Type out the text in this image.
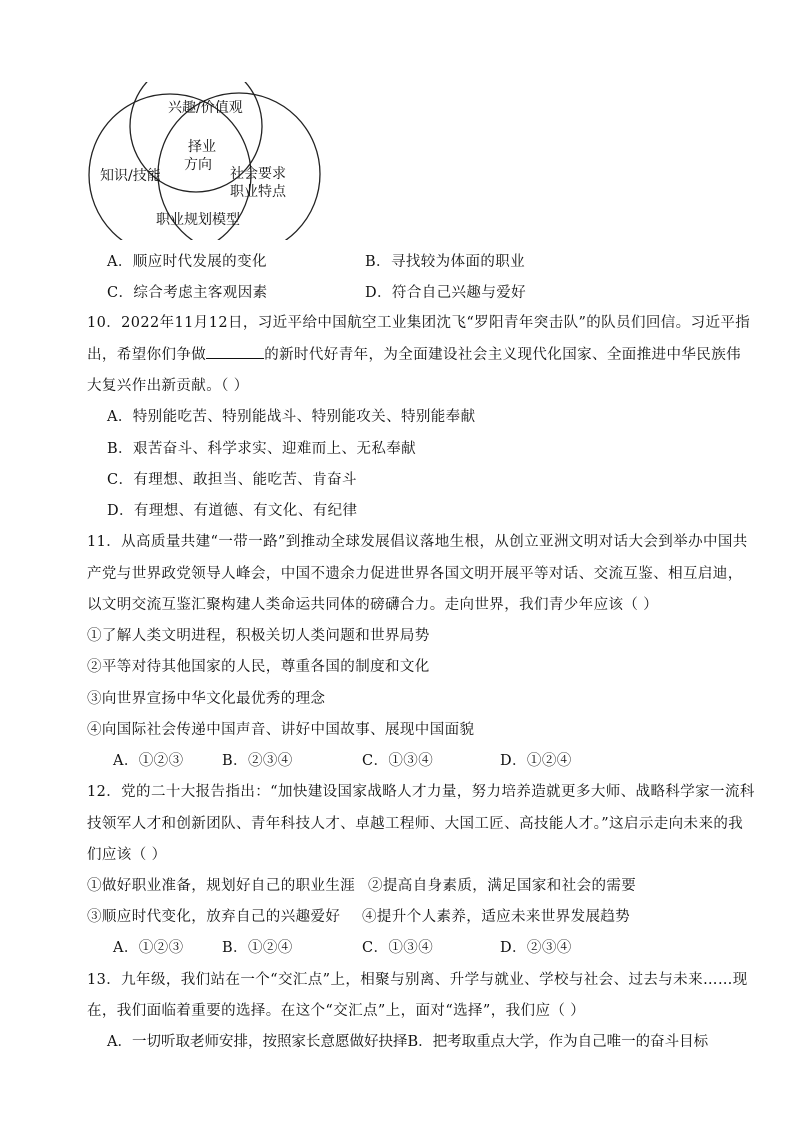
兴趣/价值观
知识/技能	社会要求
职业特点
择业
方向
职业规划模型
A．顺应时代发展的变化	B．寻找较为体面的职业
C．综合考虑主客观因素	D．符合自己兴趣与爱好
10．2022年11月12日，习近平给中国航空工业集团沈飞“罗阳青年突击队”的队员们回信。习近平指
出，希望你们争做	的新时代好青年，为全面建设社会主义现代化国家、全面推进中华民族伟
大复兴作出新贡献。（ ）
A．特别能吃苦、特别能战斗、特别能攻关、特别能奉献
B．艰苦奋斗、科学求实、迎难而上、无私奉献
C．有理想、敢担当、能吃苦、肯奋斗
D．有理想、有道德、有文化、有纪律
11．从高质量共建“一带一路”到推动全球发展倡议落地生根，从创立亚洲文明对话大会到举办中国共
产党与世界政党领导人峰会，中国不遗余力促进世界各国文明开展平等对话、交流互鉴、相互启迪，
以文明交流互鉴汇聚构建人类命运共同体的磅礴合力。走向世界，我们青少年应该（ ）
①了解人类文明进程，积极关切人类问题和世界局势
②平等对待其他国家的人民，尊重各国的制度和文化
③向世界宣扬中华文化最优秀的理念
④向国际社会传递中国声音、讲好中国故事、展现中国面貌
A．①②③	B．②③④	C．①③④	D．①②④
12．党的二十大报告指出：“加快建设国家战略人才力量，努力培养造就更多大师、战略科学家一流科
技领军人才和创新团队、青年科技人才、卓越工程师、大国工匠、高技能人才。”这启示走向未来的我
们应该（ ）
①做好职业准备，规划好自己的职业生涯 ②提高自身素质，满足国家和社会的需要
③顺应时代变化，放弃自己的兴趣爱好 ④提升个人素养，适应未来世界发展趋势
A．①②③	B．①②④	C．①③④	D．②③④
13．九年级，我们站在一个“交汇点”上，相聚与别离、升学与就业、学校与社会、过去与未来……现
在，我们面临着重要的选择。在这个“交汇点”上，面对“选择”，我们应（ ）
A．一切听取老师安排，按照家长意愿做好抉择B．把考取重点大学，作为自己唯一的奋斗目标
